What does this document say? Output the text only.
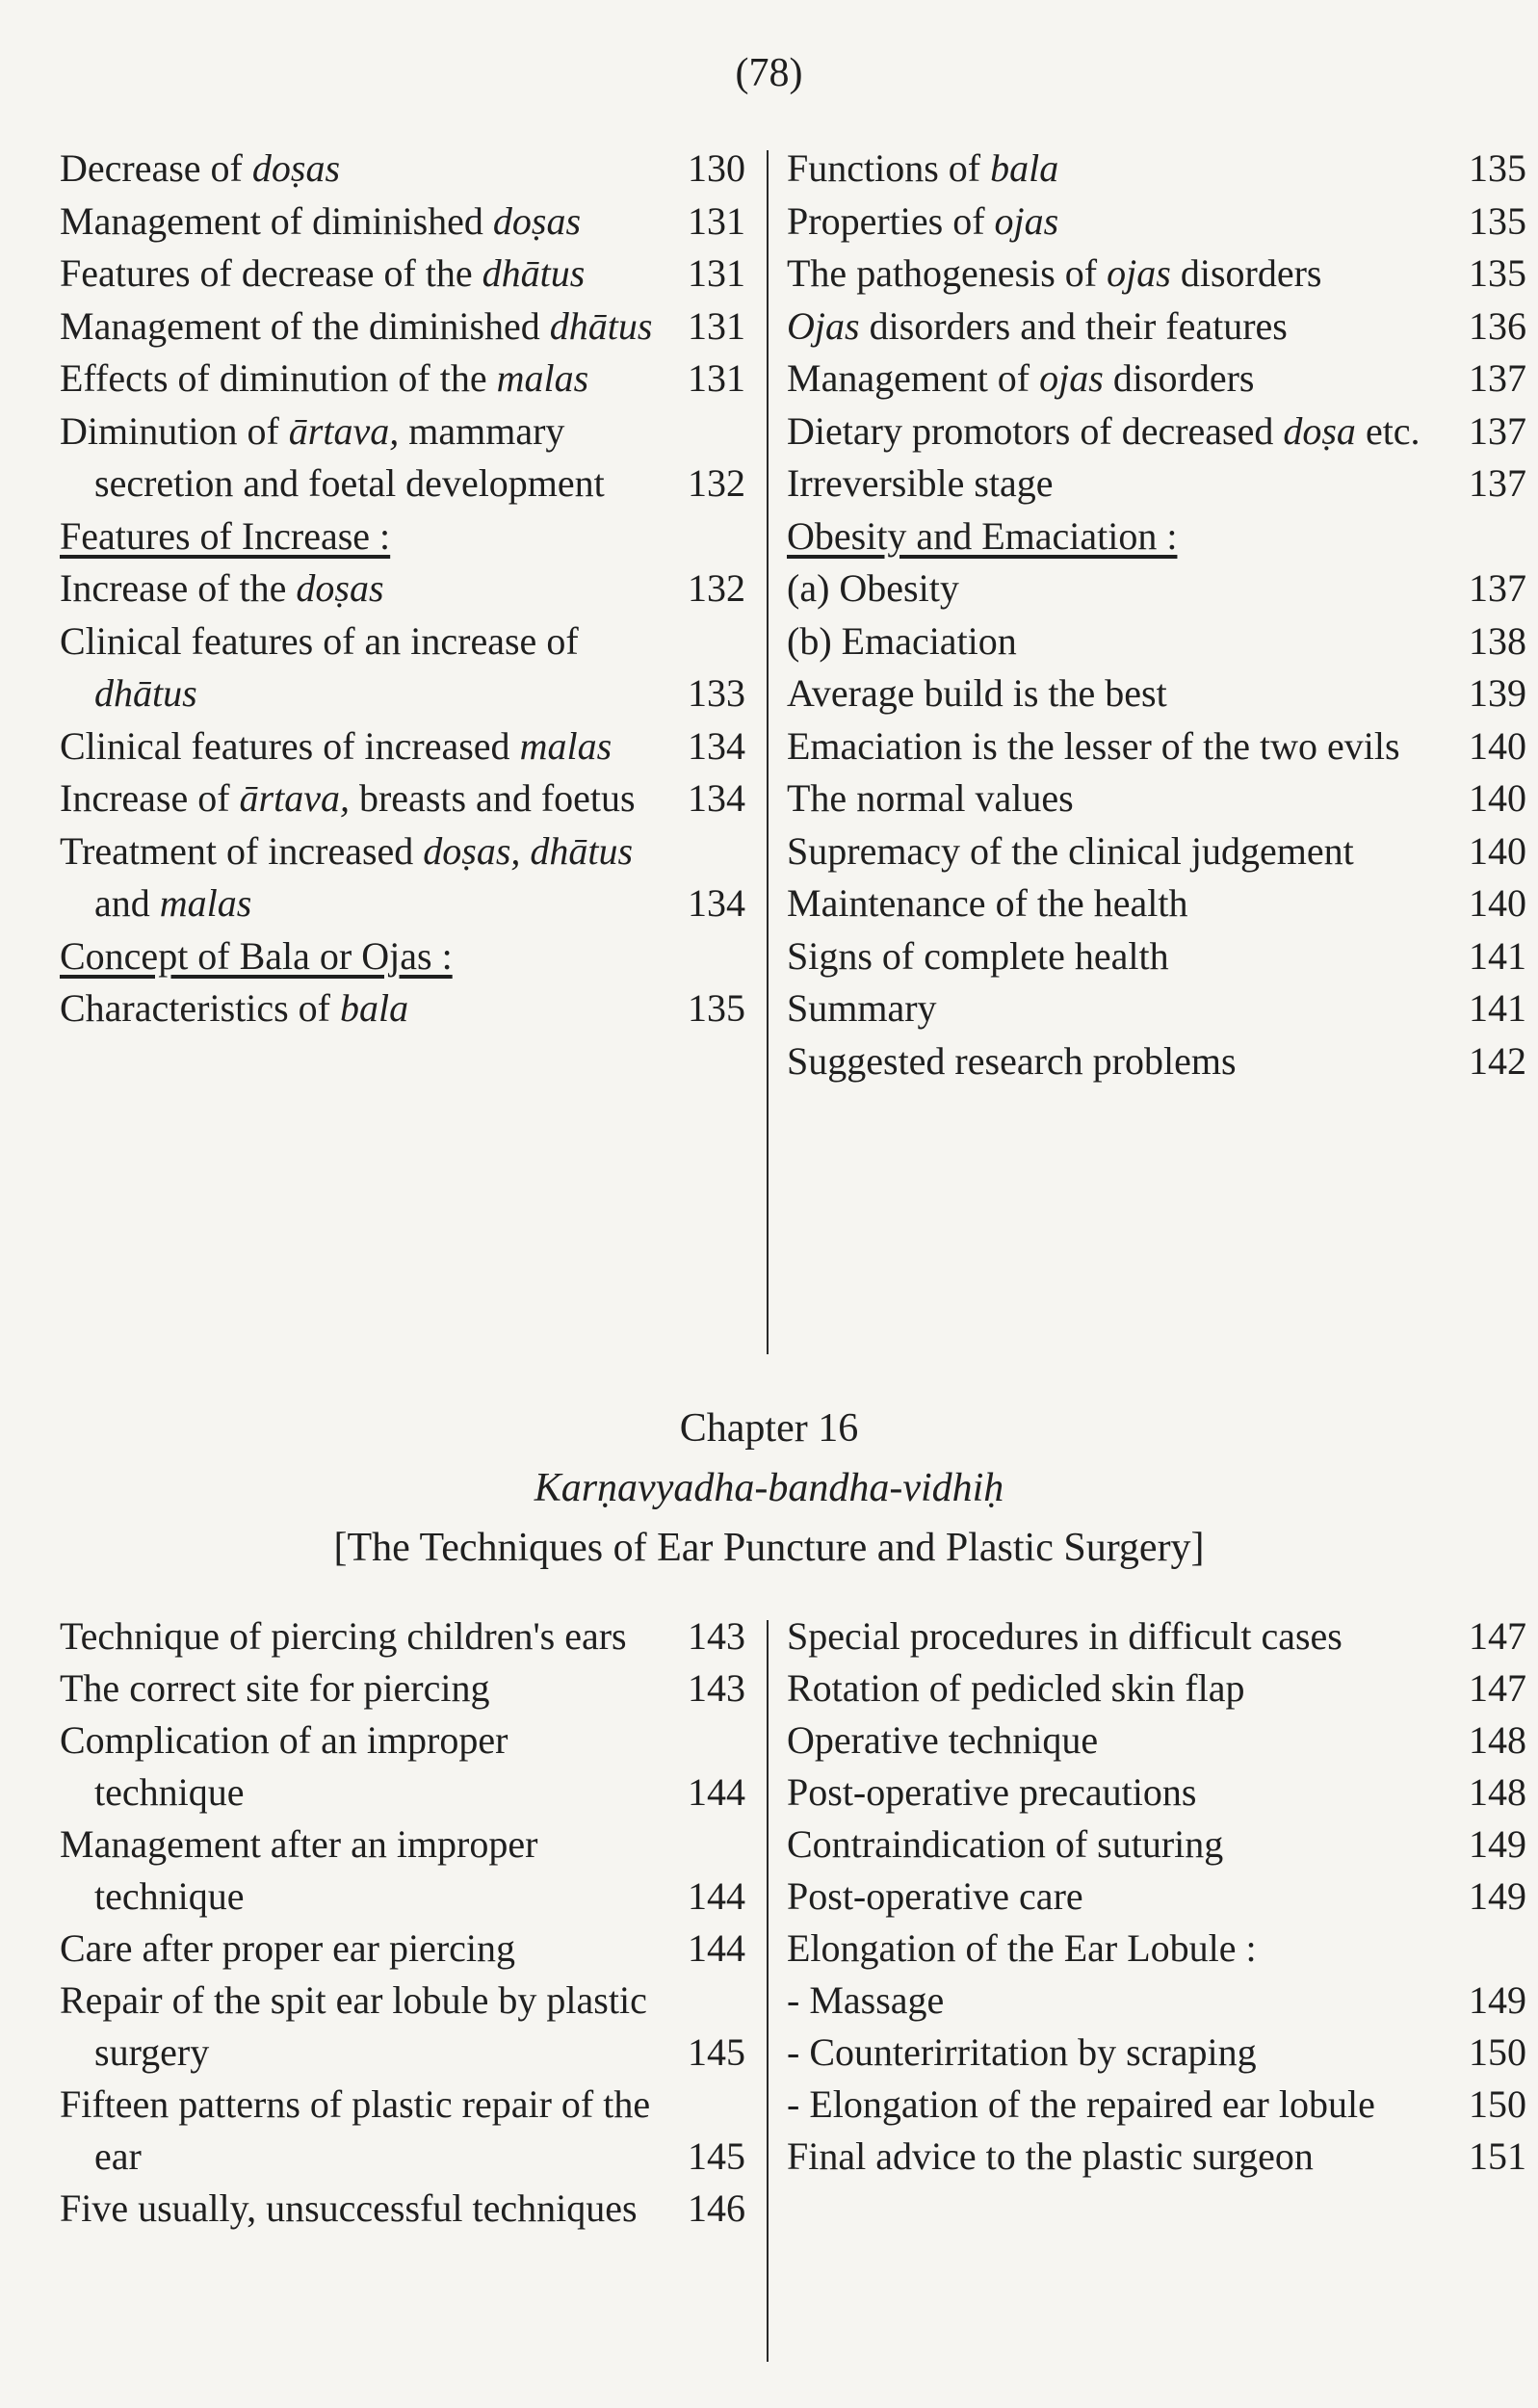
(78)
Decrease of doṣas	130
Management of diminished doṣas	131
Features of decrease of the dhātus	131
Management of the diminished dhātus 131
Effects of diminution of the malas	131
Diminution of ārtava, mammary secretion and foetal development	132
Features of Increase :
Increase of the doṣas	132
Clinical features of an increase of dhātus	133
Clinical features of increased malas	134
Increase of ārtava, breasts and foetus	134
Treatment of increased doṣas, dhātus and malas	134
Concept of Bala or Ojas :
Characteristics of bala	135
Functions of bala	135
Properties of ojas	135
The pathogenesis of ojas disorders	135
Ojas disorders and their features	136
Management of ojas disorders	137
Dietary promotors of decreased doṣa etc.	137
Irreversible stage	137
Obesity and Emaciation :
(a) Obesity	137
(b) Emaciation	138
Average build is the best	139
Emaciation is the lesser of the two evils	140
The normal values	140
Supremacy of the clinical judgement	140
Maintenance of the health	140
Signs of complete health	141
Summary	141
Suggested research problems	142
Chapter 16
Karṇavyadha-bandha-vidhiḥ
[The Techniques of Ear Puncture and Plastic Surgery]
Technique of piercing children's ears	143
The correct site for piercing	143
Complication of an improper technique	144
Management after an improper technique	144
Care after proper ear piercing	144
Repair of the spit ear lobule by plastic surgery	145
Fifteen patterns of plastic repair of the ear	145
Five usually, unsuccessful techniques	146
Special procedures in difficult cases	147
Rotation of pedicled skin flap	147
Operative technique	148
Post-operative precautions	148
Contraindication of suturing	149
Post-operative care	149
Elongation of the Ear Lobule :
- Massage	149
- Counterirritation by scraping	150
- Elongation of the repaired ear lobule	150
Final advice to the plastic surgeon	151
